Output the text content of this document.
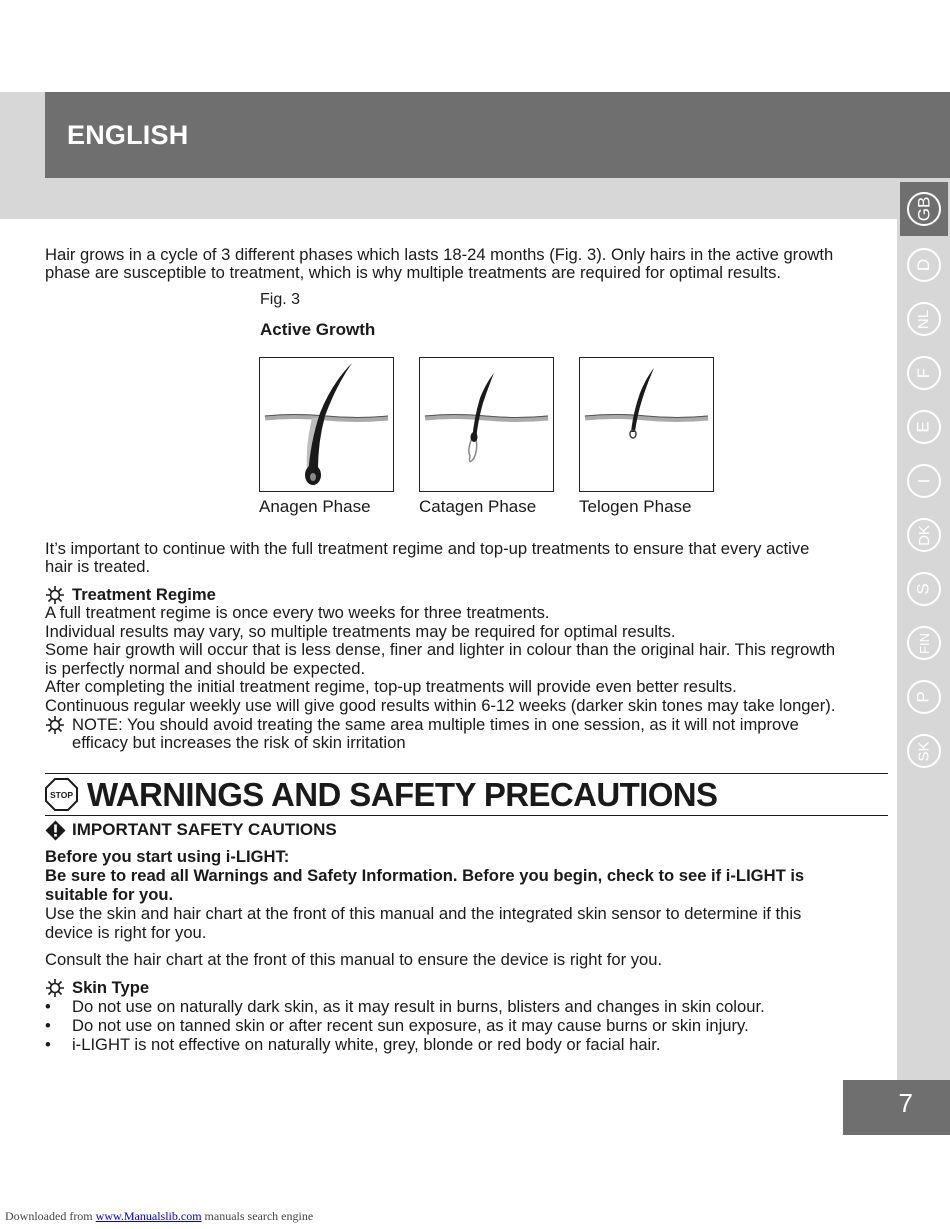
ENGLISH
GB
D
NL
F
E
I
DK
S
FIN
P
SK
Hair grows in a cycle of 3 different phases which lasts 18-24 months (Fig. 3). Only hairs in the active growth
phase are susceptible to treatment, which is why multiple treatments are required for optimal results.
Fig. 3
Active Growth
Anagen Phase	Catagen Phase	Telogen Phase
It’s important to continue with the full treatment regime and top-up treatments to ensure that every active
hair is treated.
Treatment Regime
A full treatment regime is once every two weeks for three treatments.
Individual results may vary, so multiple treatments may be required for optimal results.
Some hair growth will occur that is less dense, finer and lighter in colour than the original hair. This regrowth
is perfectly normal and should be expected.
After completing the initial treatment regime, top-up treatments will provide even better results.
Continuous regular weekly use will give good results within 6-12 weeks (darker skin tones may take longer).
NOTE: You should avoid treating the same area multiple times in one session, as it will not improve
efficacy but increases the risk of skin irritation
STOP WARNINGS AND SAFETY PRECAUTIONS
IMPORTANT SAFETY CAUTIONS
Before you start using i-LIGHT:
Be sure to read all Warnings and Safety Information. Before you begin, check to see if i-LIGHT is
suitable for you.
Use the skin and hair chart at the front of this manual and the integrated skin sensor to determine if this
device is right for you.
Consult the hair chart at the front of this manual to ensure the device is right for you.
Skin Type
• Do not use on naturally dark skin, as it may result in burns, blisters and changes in skin colour.
• Do not use on tanned skin or after recent sun exposure, as it may cause burns or skin injury.
• i-LIGHT is not effective on naturally white, grey, blonde or red body or facial hair.
7
Downloaded from www.Manualslib.com manuals search engine
